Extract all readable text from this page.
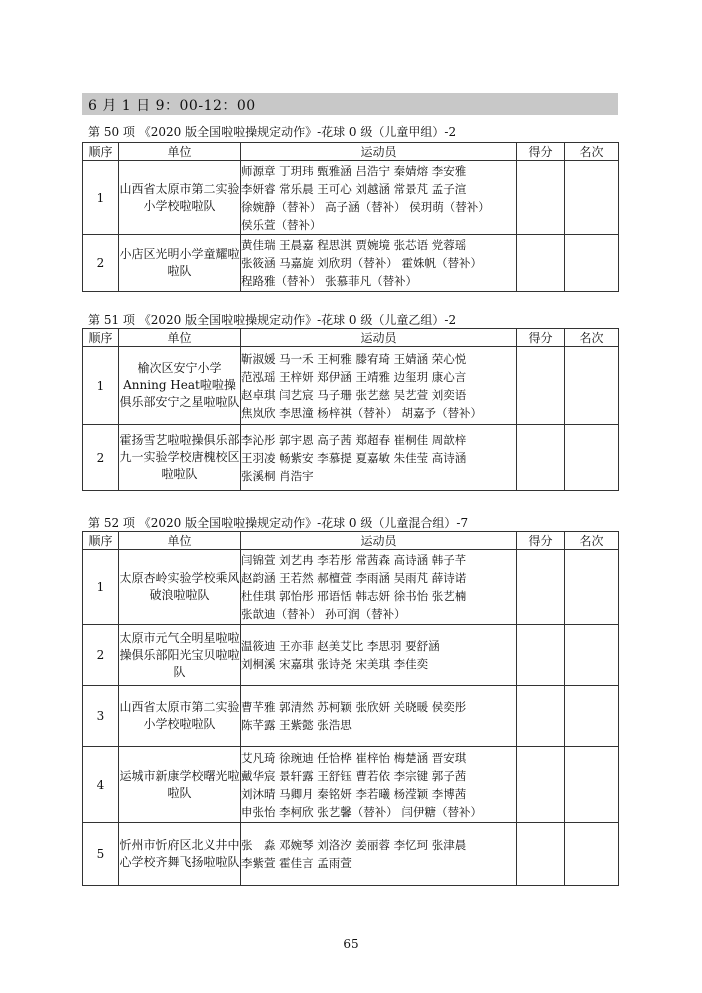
6 月 1 日 9：00-12：00
第 50 项 《2020 版全国啦啦操规定动作》-花球 0 级（儿童甲组）-2
顺序	单位	运动员	得分	名次
1	山西省太原市第二实验小学校啦啦队	师源章 丁玥玮 甄雅涵 吕浩宁 秦婧熔 李安雅
李妍睿 常乐晨 王可心 刘越涵 常景芃 孟子渲
徐婉静（替补） 高子涵（替补） 侯玥萌（替补）
侯乐萱（替补）		

2	小店区光明小学童耀啦啦队	黄佳瑞 王晨嘉 程思淇 贾婉境 张芯语 党蓉瑶
张筱涵 马嘉旋 刘欣玥（替补） 霍姝帆（替补）
程路雅（替补） 张慕菲凡（替补）		

第 51 项 《2020 版全国啦啦操规定动作》-花球 0 级（儿童乙组）-2
顺序	单位	运动员	得分	名次
1	榆次区安宁小学Anning Heat啦啦操俱乐部安宁之星啦啦队	靳淑媛 马一禾 王柯雅 滕宥琦 王婧涵 荣心悦
范泓瑶 王梓妍 郑伊涵 王靖雅 边玺玥 康心言
赵卓琪 闫艺宸 马子珊 张艺慈 吴艺萱 刘奕语
焦岚欣 李思潼 杨梓祺（替补） 胡嘉予（替补）		

2	霍扬雪艺啦啦操俱乐部九一实验学校唐槐校区啦啦队	李沁彤 郭宇恩 高子茜 郑超春 崔桐佳 周歆梓
王羽凌 畅紫安 李慕提 夏嘉敏 朱佳莹 高诗涵
张溪桐 肖浩宇		

第 52 项 《2020 版全国啦啦操规定动作》-花球 0 级（儿童混合组）-7
顺序	单位	运动员	得分	名次
1	太原杏岭实验学校乘风破浪啦啦队	闫锦萱 刘艺冉 李若彤 常茜森 高诗涵 韩子芊
赵韵涵 王若然 郝檀萱 李雨涵 吴雨芃 薛诗诺
杜佳琪 郭怡彤 邢语恬 韩志妍 徐书怡 张艺楠
张歆迪（替补） 孙可润（替补）		

2	太原市元气全明星啦啦操俱乐部阳光宝贝啦啦队	温筱迪 王亦菲 赵美艾比 李思羽 要舒涵
刘桐溪 宋嘉琪 张诗尧 宋美琪 李佳奕		

3	山西省太原市第二实验小学校啦啦队	曹芊雅 郭清然 苏柯颖 张欣妍 关晓暖 侯奕彤
陈芊露 王紫懿 张浩思		

4	运城市新康学校曙光啦啦队	艾凡琦 徐琬迪 任恰桦 崔梓怡 梅楚涵 晋安琪
戴华宸 景轩露 王舒钰 曹若依 李宗键 郭子茜
刘沐晴 马卿月 秦铭妍 李若曦 杨滢颖 李博茜
申张怡 李柯欣 张艺馨（替补） 闫伊糖（替补）		

5	忻州市忻府区北义井中心学校齐舞飞扬啦啦队	张　淼 邓婉琴 刘洛汐 姜丽蓉 李忆珂 张津晨
李紫萱 霍佳言 孟雨萱		

65
